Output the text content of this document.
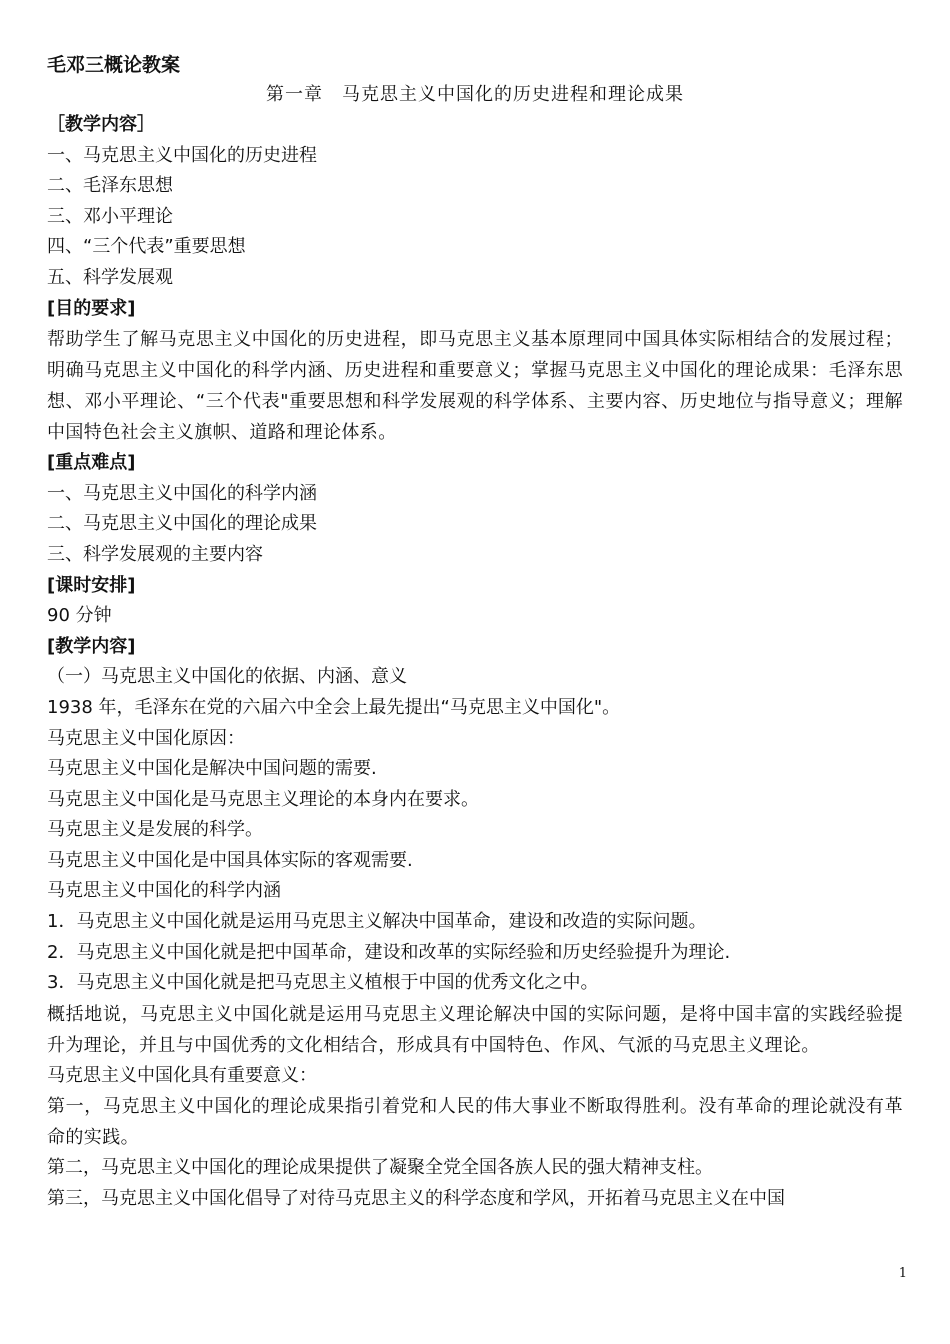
毛邓三概论教案

第一章　马克思主义中国化的历史进程和理论成果

［教学内容］

一、马克思主义中国化的历史进程

二、毛泽东思想

三、邓小平理论

四、“三个代表”重要思想

五、科学发展观

[目的要求]

帮助学生了解马克思主义中国化的历史进程，即马克思主义基本原理同中国具体实际相结合的发展过程；明确马克思主义中国化的科学内涵、历史进程和重要意义；掌握马克思主义中国化的理论成果：毛泽东思想、邓小平理论、“三个代表"重要思想和科学发展观的科学体系、主要内容、历史地位与指导意义；理解中国特色社会主义旗帜、道路和理论体系。

[重点难点]

一、马克思主义中国化的科学内涵

二、马克思主义中国化的理论成果

三、科学发展观的主要内容

[课时安排]

90 分钟

[教学内容]

（一）马克思主义中国化的依据、内涵、意义

1938 年，毛泽东在党的六届六中全会上最先提出“马克思主义中国化"。

马克思主义中国化原因：

马克思主义中国化是解决中国问题的需要.

马克思主义中国化是马克思主义理论的本身内在要求。

马克思主义是发展的科学。

马克思主义中国化是中国具体实际的客观需要.

马克思主义中国化的科学内涵

1．马克思主义中国化就是运用马克思主义解决中国革命，建设和改造的实际问题。

2．马克思主义中国化就是把中国革命，建设和改革的实际经验和历史经验提升为理论.

3．马克思主义中国化就是把马克思主义植根于中国的优秀文化之中。

概括地说，马克思主义中国化就是运用马克思主义理论解决中国的实际问题，是将中国丰富的实践经验提升为理论，并且与中国优秀的文化相结合，形成具有中国特色、作风、气派的马克思主义理论。

马克思主义中国化具有重要意义：

第一，马克思主义中国化的理论成果指引着党和人民的伟大事业不断取得胜利。没有革命的理论就没有革命的实践。

第二，马克思主义中国化的理论成果提供了凝聚全党全国各族人民的强大精神支柱。

第三，马克思主义中国化倡导了对待马克思主义的科学态度和学风，开拓着马克思主义在中国

1
